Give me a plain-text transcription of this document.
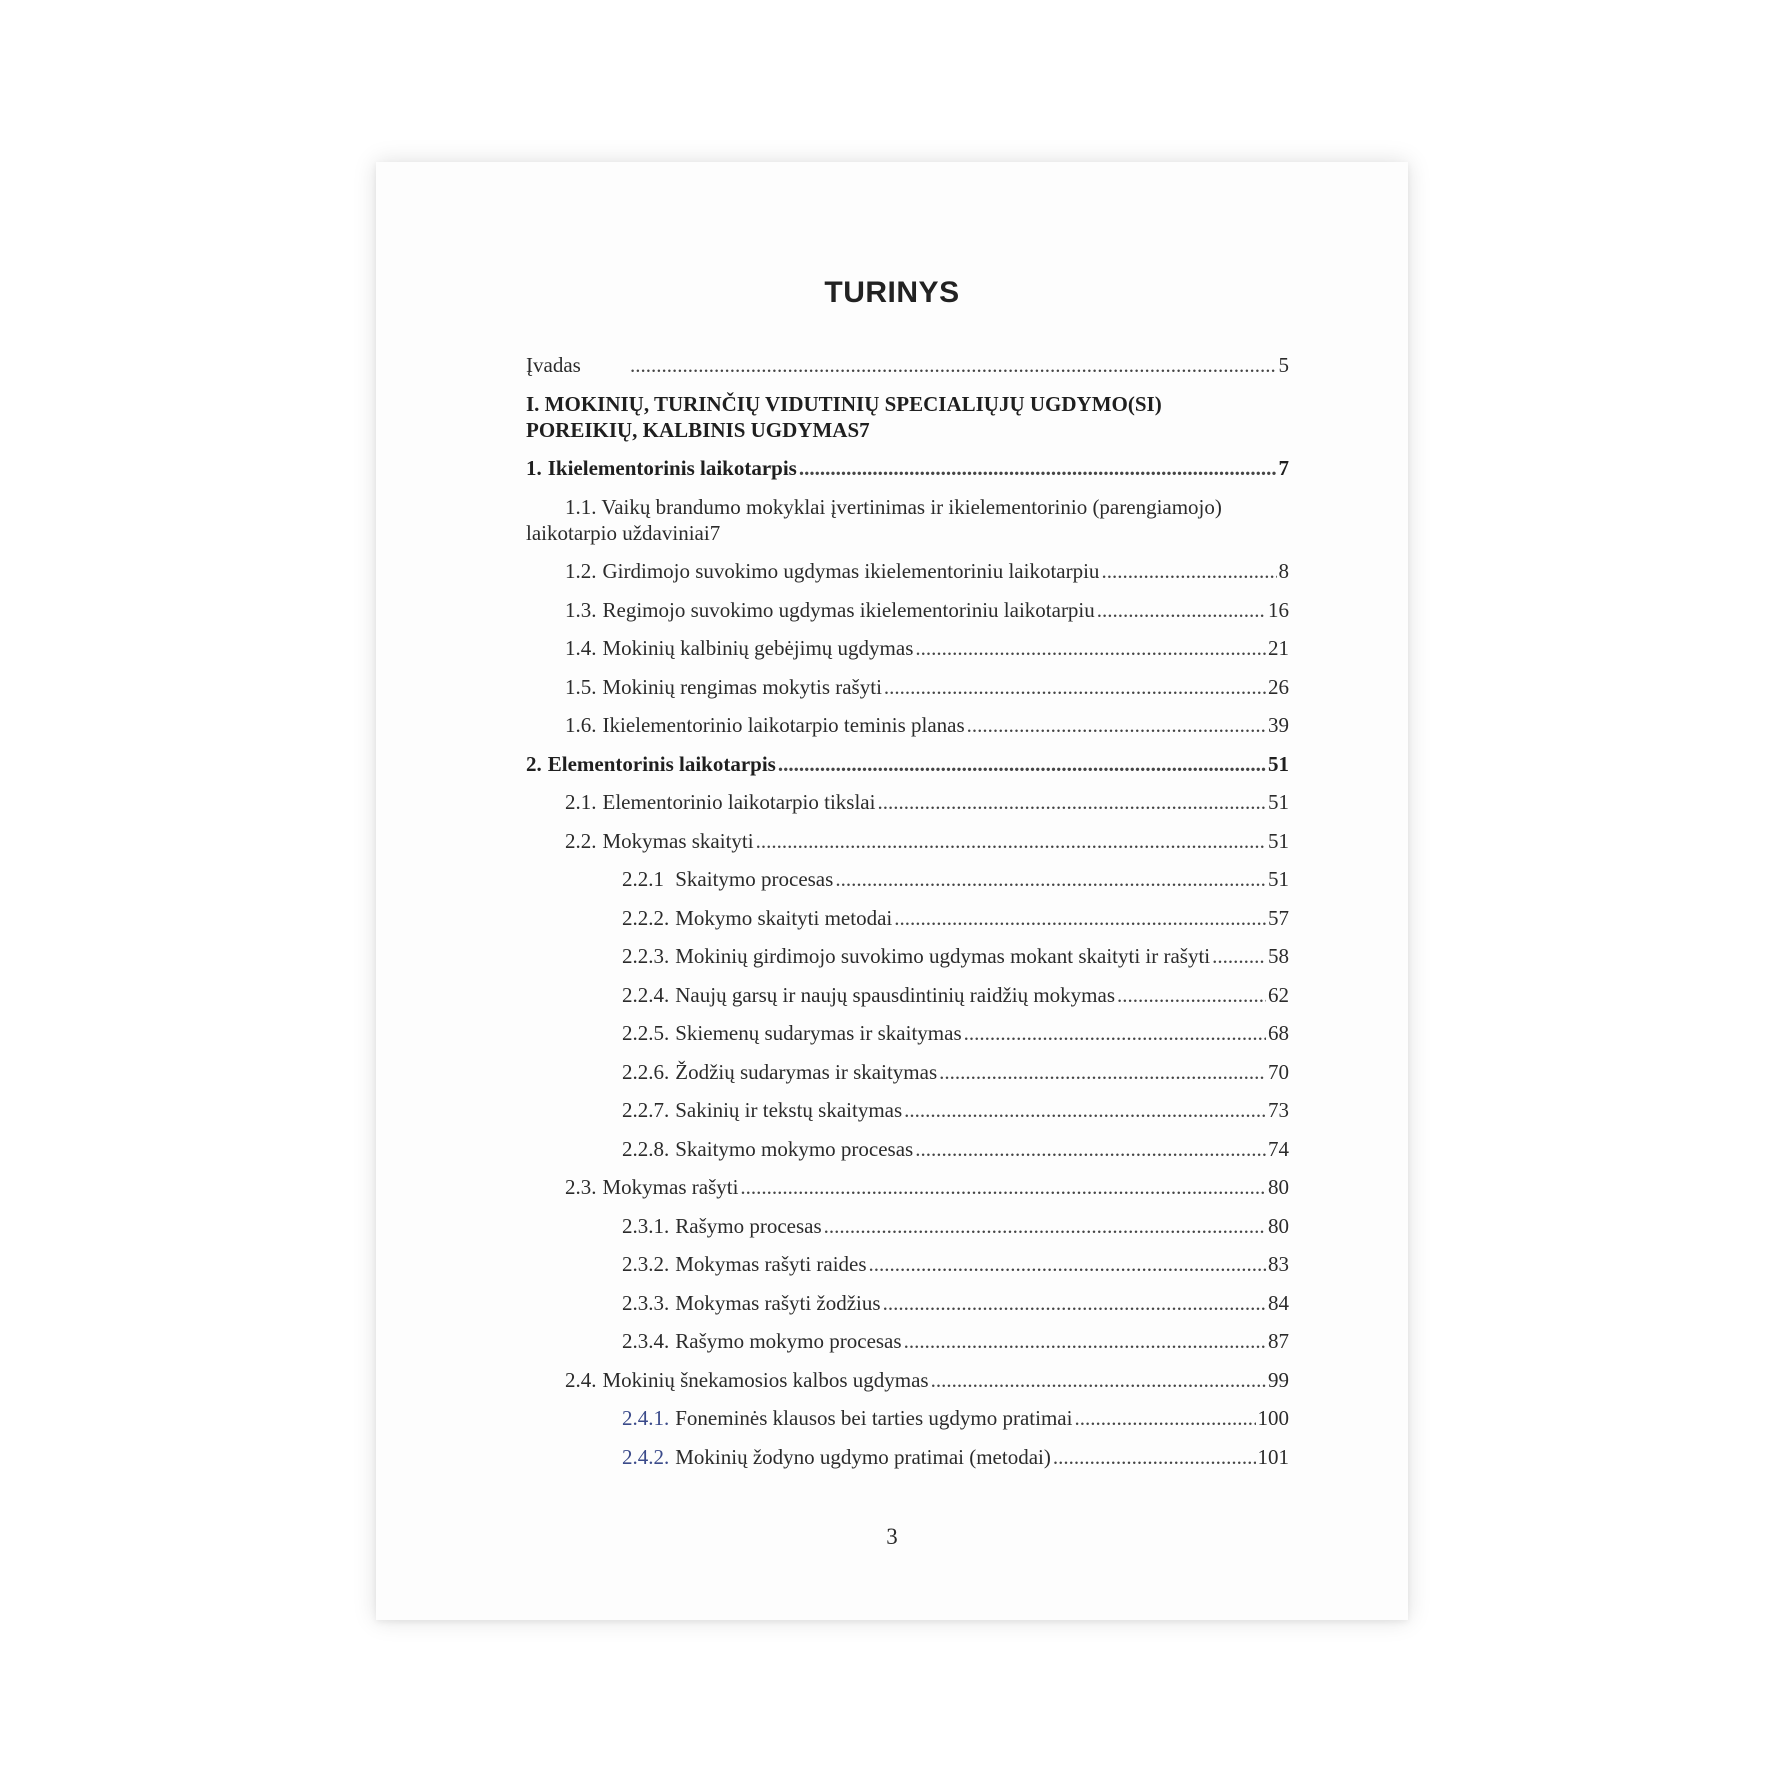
TURINYS
Įvadas .....	5
I. MOKINIŲ, TURINČIŲ VIDUTINIŲ SPECIALIŲJŲ UGDYMO(SI)
POREIKIŲ, KALBINIS UGDYMAS 7
1. Ikielementorinis laikotarpis .....	7
1.1. Vaikų brandumo mokyklai įvertinimas ir ikielementorinio (parengiamojo)
laikotarpio uždaviniai 7
1.2. Girdimojo suvokimo ugdymas ikielementoriniu laikotarpiu .....	8
1.3. Regimojo suvokimo ugdymas ikielementoriniu laikotarpiu .....	16
1.4. Mokinių kalbinių gebėjimų ugdymas .....	21
1.5. Mokinių rengimas mokytis rašyti .....	26
1.6. Ikielementorinio laikotarpio teminis planas .....	39
2. Elementorinis laikotarpis .....	51
2.1. Elementorinio laikotarpio tikslai .....	51
2.2. Mokymas skaityti .....	51
2.2.1 Skaitymo procesas .....	51
2.2.2. Mokymo skaityti metodai .....	57
2.2.3. Mokinių girdimojo suvokimo ugdymas mokant skaityti ir rašyti .....	58
2.2.4. Naujų garsų ir naujų spausdintinių raidžių mokymas .....	62
2.2.5. Skiemenų sudarymas ir skaitymas .....	68
2.2.6. Žodžių sudarymas ir skaitymas .....	70
2.2.7. Sakinių ir tekstų skaitymas .....	73
2.2.8. Skaitymo mokymo procesas .....	74
2.3. Mokymas rašyti .....	80
2.3.1. Rašymo procesas .....	80
2.3.2. Mokymas rašyti raides .....	83
2.3.3. Mokymas rašyti žodžius .....	84
2.3.4. Rašymo mokymo procesas .....	87
2.4. Mokinių šnekamosios kalbos ugdymas .....	99
2.4.1. Foneminės klausos bei tarties ugdymo pratimai .....	100
2.4.2. Mokinių žodyno ugdymo pratimai (metodai) .....	101
3
